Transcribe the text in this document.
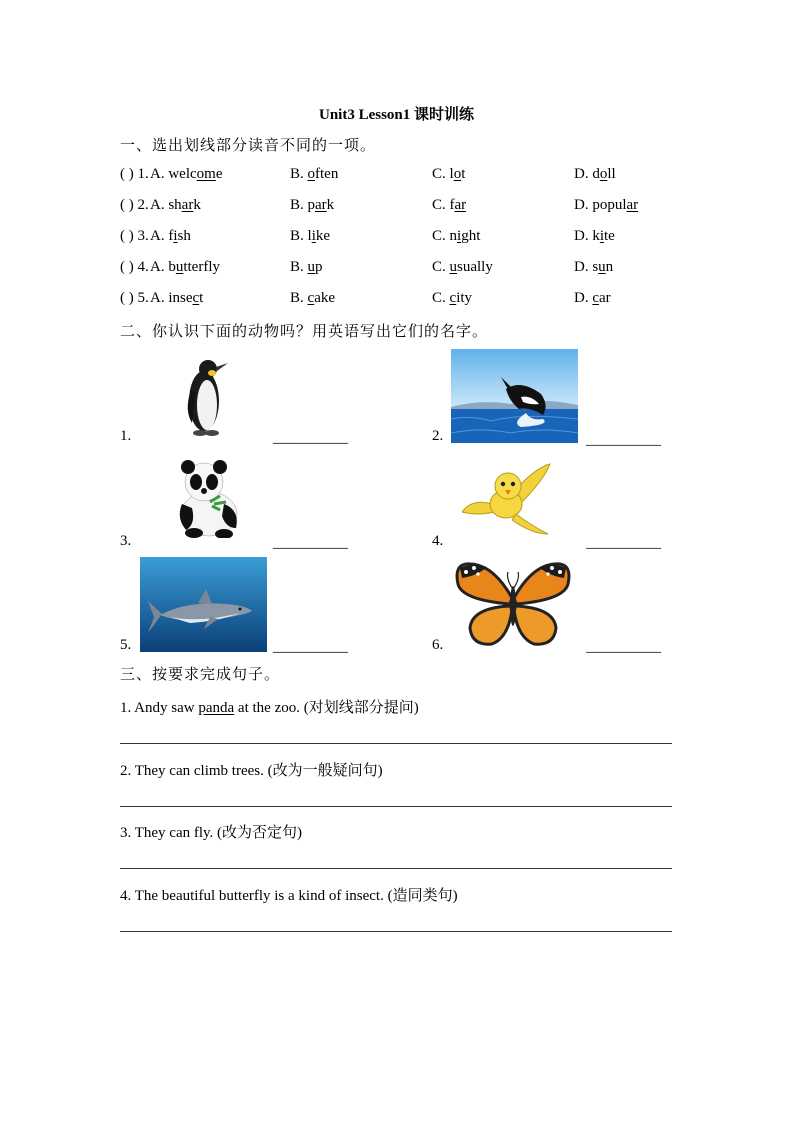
Unit3 Lesson1 课时训练
一、选出划线部分读音不同的一项。
( ) 1. A. welcome	B. often	C. lot	D. doll
( ) 2. A. shark	B. park	C. far	D. popular
( ) 3. A. fish	B. like	C. night	D. kite
( ) 4. A. butterfly	B. up	C. usually	D. sun
( ) 5. A. insect	B. cake	C. city	D. car
二、你认识下面的动物吗？用英语写出它们的名字。
1.	__________	2.	__________
3.	__________	4.	__________
5.	__________	6.	__________
三、按要求完成句子。
1. Andy saw panda at the zoo. (对划线部分提问)
2. They can climb trees. (改为一般疑问句)
3. They can fly. (改为否定句)
4. The beautiful butterfly is a kind of insect. (造同类句)
